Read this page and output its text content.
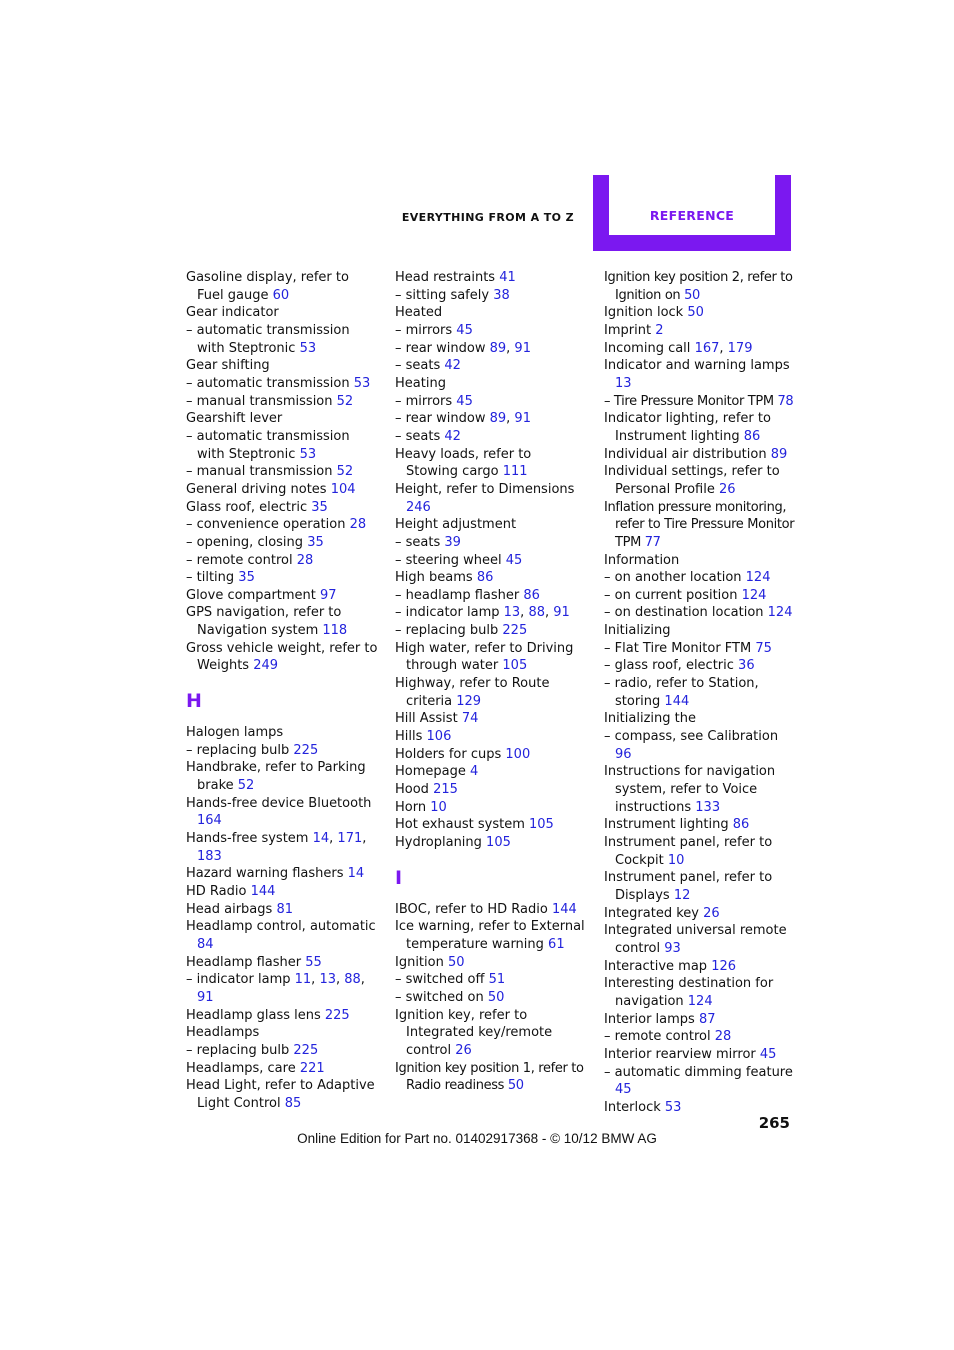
EVERYTHING FROM A TO Z	REFERENCE
Gasoline display, refer to Fuel gauge 60
Gear indicator
– automatic transmission with Steptronic 53
Gear shifting
– automatic transmission 53
– manual transmission 52
Gearshift lever
– automatic transmission with Steptronic 53
– manual transmission 52
General driving notes 104
Glass roof, electric 35
– convenience operation 28
– opening, closing 35
– remote control 28
– tilting 35
Glove compartment 97
GPS navigation, refer to Navigation system 118
Gross vehicle weight, refer to Weights 249
H
Halogen lamps
– replacing bulb 225
Handbrake, refer to Parking brake 52
Hands-free device Bluetooth 164
Hands-free system 14, 171, 183
Hazard warning flashers 14
HD Radio 144
Head airbags 81
Headlamp control, automatic 84
Headlamp flasher 55
– indicator lamp 11, 13, 88, 91
Headlamp glass lens 225
Headlamps
– replacing bulb 225
Headlamps, care 221
Head Light, refer to Adaptive Light Control 85
Head restraints 41
– sitting safely 38
Heated
– mirrors 45
– rear window 89, 91
– seats 42
Heating
– mirrors 45
– rear window 89, 91
– seats 42
Heavy loads, refer to Stowing cargo 111
Height, refer to Dimensions 246
Height adjustment
– seats 39
– steering wheel 45
High beams 86
– headlamp flasher 86
– indicator lamp 13, 88, 91
– replacing bulb 225
High water, refer to Driving through water 105
Highway, refer to Route criteria 129
Hill Assist 74
Hills 106
Holders for cups 100
Homepage 4
Hood 215
Horn 10
Hot exhaust system 105
Hydroplaning 105
I
IBOC, refer to HD Radio 144
Ice warning, refer to External temperature warning 61
Ignition 50
– switched off 51
– switched on 50
Ignition key, refer to Integrated key/remote control 26
Ignition key position 1, refer to Radio readiness 50
Ignition key position 2, refer to Ignition on 50
Ignition lock 50
Imprint 2
Incoming call 167, 179
Indicator and warning lamps 13
– Tire Pressure Monitor TPM 78
Indicator lighting, refer to Instrument lighting 86
Individual air distribution 89
Individual settings, refer to Personal Profile 26
Inflation pressure monitoring, refer to Tire Pressure Monitor TPM 77
Information
– on another location 124
– on current position 124
– on destination location 124
Initializing
– Flat Tire Monitor FTM 75
– glass roof, electric 36
– radio, refer to Station, storing 144
Initializing the
– compass, see Calibration 96
Instructions for navigation system, refer to Voice instructions 133
Instrument lighting 86
Instrument panel, refer to Cockpit 10
Instrument panel, refer to Displays 12
Integrated key 26
Integrated universal remote control 93
Interactive map 126
Interesting destination for navigation 124
Interior lamps 87
– remote control 28
Interior rearview mirror 45
– automatic dimming feature 45
Interlock 53
265
Online Edition for Part no. 01402917368 - © 10/12 BMW AG
